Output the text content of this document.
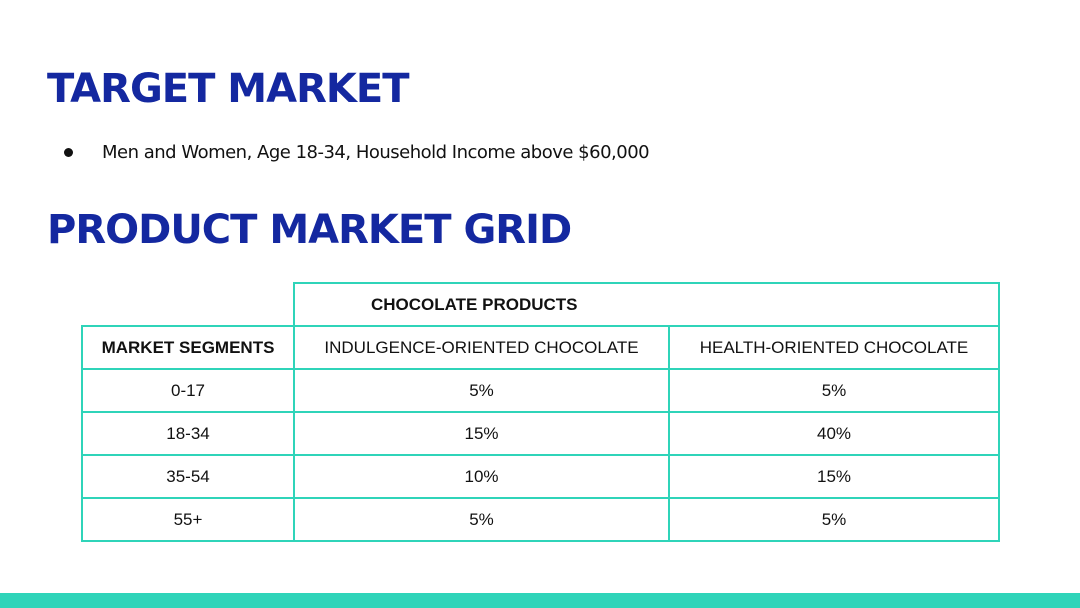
TARGET MARKET
Men and Women, Age 18-34, Household Income above $60,000
PRODUCT MARKET GRID
	CHOCOLATE PRODUCTS	
MARKET SEGMENTS	INDULGENCE-ORIENTED CHOCOLATE	HEALTH-ORIENTED CHOCOLATE
0-17	5%	5%
18-34	15%	40%
35-54	10%	15%
55+	5%	5%
